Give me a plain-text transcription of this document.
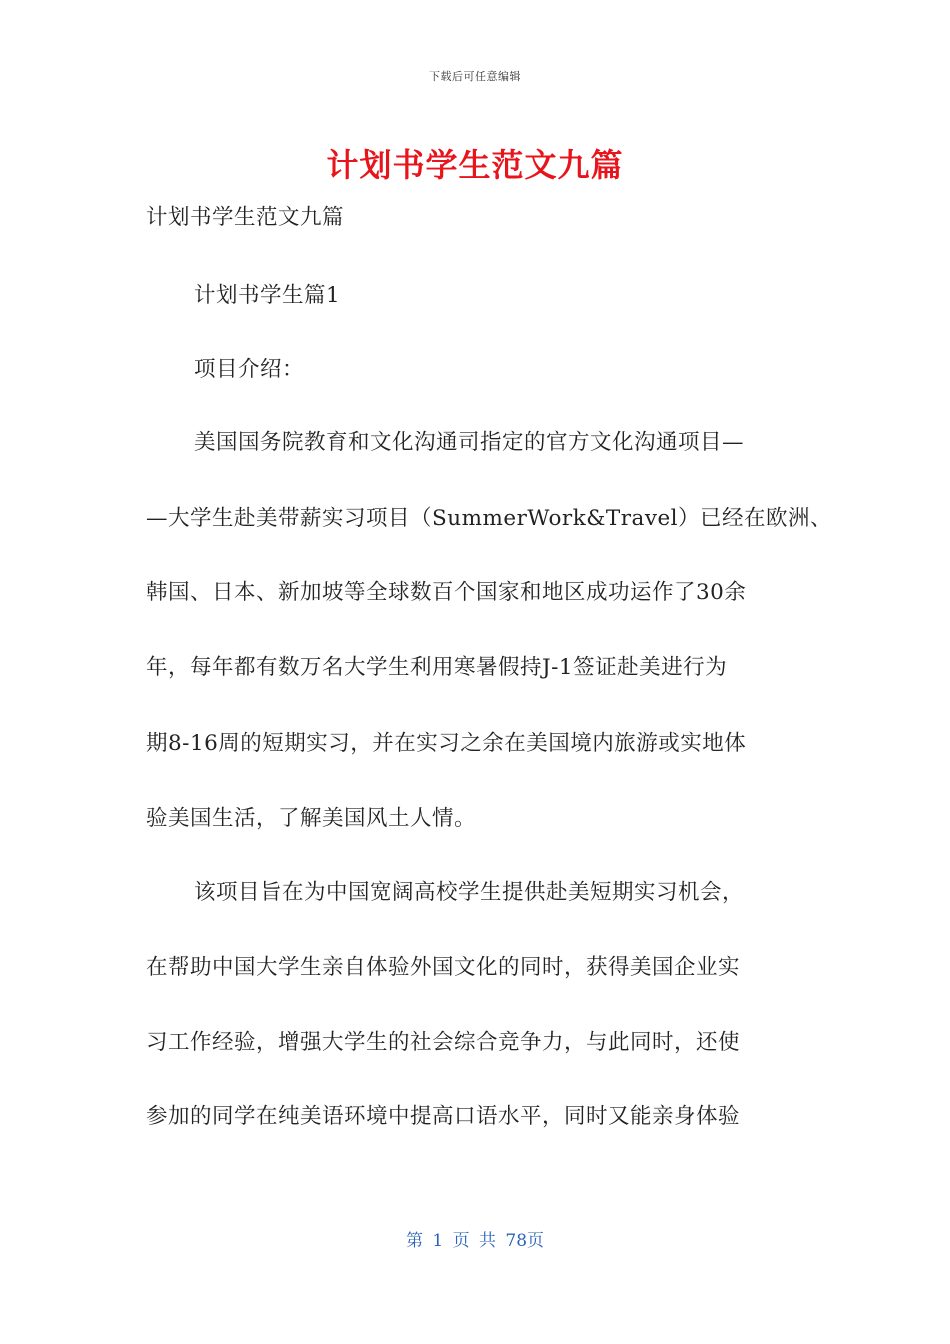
下载后可任意编辑
计划书学生范文九篇
计划书学生范文九篇
计划书学生篇1
项目介绍：
美国国务院教育和文化沟通司指定的官方文化沟通项目—
—大学生赴美带薪实习项目（SummerWork&Travel）已经在欧洲、
韩国、日本、新加坡等全球数百个国家和地区成功运作了30余
年，每年都有数万名大学生利用寒暑假持J-1签证赴美进行为
期8-16周的短期实习，并在实习之余在美国境内旅游或实地体
验美国生活，了解美国风土人情。
该项目旨在为中国宽阔高校学生提供赴美短期实习机会，
在帮助中国大学生亲自体验外国文化的同时，获得美国企业实
习工作经验，增强大学生的社会综合竞争力，与此同时，还使
参加的同学在纯美语环境中提高口语水平，同时又能亲身体验
第 1 页 共 78页
